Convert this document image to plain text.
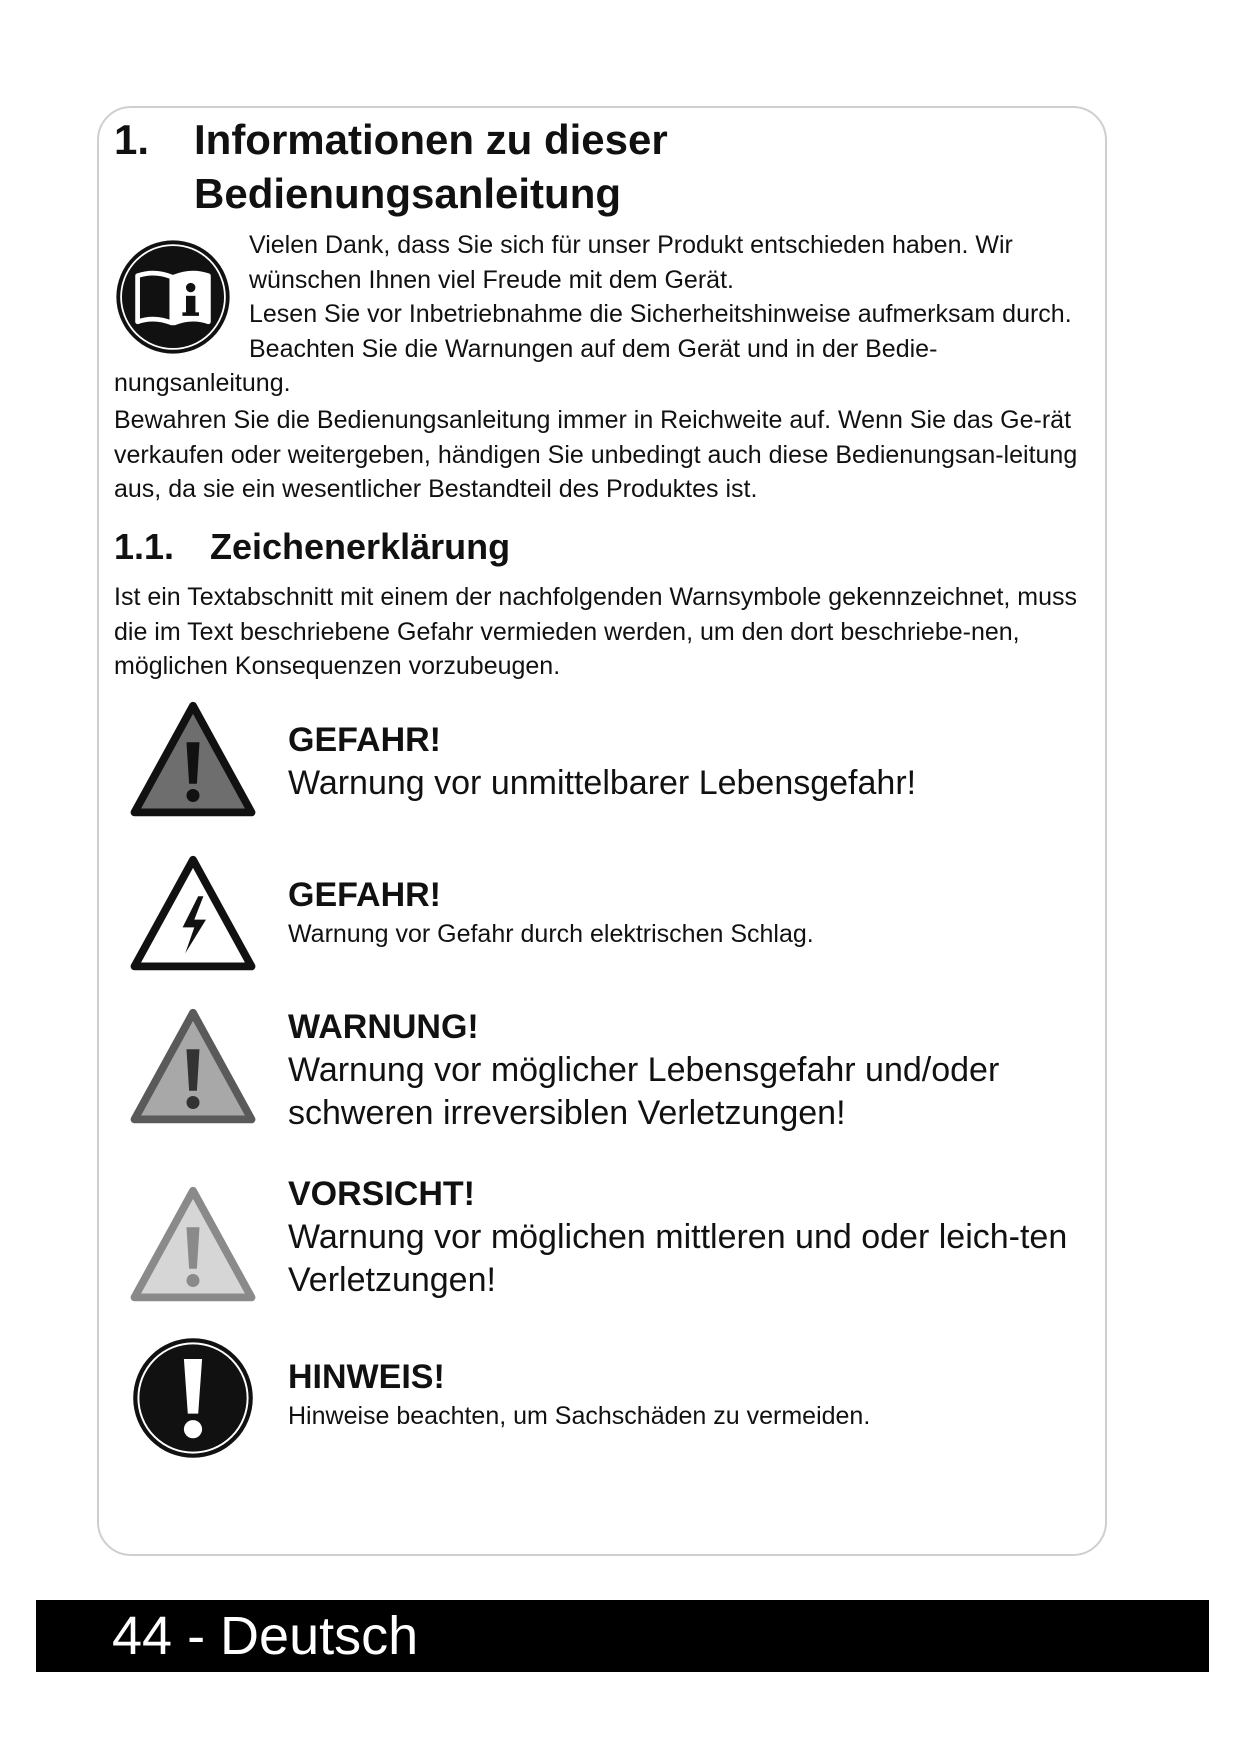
1. Informationen zu dieser
Bedienungsanleitung
Vielen Dank, dass Sie sich für unser Produkt entschieden haben. Wir wünschen Ihnen viel Freude mit dem Gerät.
Lesen Sie vor Inbetriebnahme die Sicherheitshinweise aufmerksam durch. Beachten Sie die Warnungen auf dem Gerät und in der Bedie-
nungsanleitung.
Bewahren Sie die Bedienungsanleitung immer in Reichweite auf. Wenn Sie das Ge-rät verkaufen oder weitergeben, händigen Sie unbedingt auch diese Bedienungsan-leitung aus, da sie ein wesentlicher Bestandteil des Produktes ist.
1.1. Zeichenerklärung
Ist ein Textabschnitt mit einem der nachfolgenden Warnsymbole gekennzeichnet, muss die im Text beschriebene Gefahr vermieden werden, um den dort beschriebe-nen, möglichen Konsequenzen vorzubeugen.
GEFAHR!
Warnung vor unmittelbarer Lebensgefahr!
GEFAHR!
Warnung vor Gefahr durch elektrischen Schlag.
WARNUNG!
Warnung vor möglicher Lebensgefahr und/oder schweren irreversiblen Verletzungen!
VORSICHT!
Warnung vor möglichen mittleren und oder leich-ten Verletzungen!
HINWEIS!
Hinweise beachten, um Sachschäden zu vermeiden.
44 - Deutsch
